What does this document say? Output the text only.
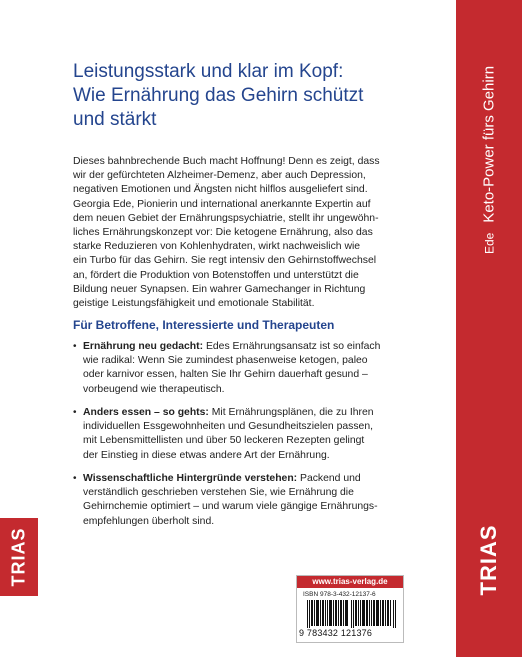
EdeKeto-Power fürs Gehirn
TRIAS
TRIAS
Leistungsstark und klar im Kopf:
Wie Ernährung das Gehirn schützt
und stärkt
Dieses bahnbrechende Buch macht Hoffnung! Denn es zeigt, dass
wir der gefürchteten Alzheimer-Demenz, aber auch Depression,
negativen Emotionen und Ängsten nicht hilflos ausgeliefert sind.
Georgia Ede, Pionierin und international anerkannte Expertin auf
dem neuen Gebiet der Ernährungspsychiatrie, stellt ihr ungewöhn-
liches Ernährungskonzept vor: Die ketogene Ernährung, also das
starke Reduzieren von Kohlenhydraten, wirkt nachweislich wie
ein Turbo für das Gehirn. Sie regt intensiv den Gehirnstoffwechsel
an, fördert die Produktion von Botenstoffen und unterstützt die
Bildung neuer Synapsen. Ein wahrer Gamechanger in Richtung
geistige Leistungsfähigkeit und emotionale Stabilität.
Für Betroffene, Interessierte und Therapeuten
• Ernährung neu gedacht: Edes Ernährungsansatz ist so einfach
wie radikal: Wenn Sie zumindest phasenweise ketogen, paleo
oder karnivor essen, halten Sie Ihr Gehirn dauerhaft gesund –
vorbeugend wie therapeutisch.
• Anders essen – so gehts: Mit Ernährungsplänen, die zu Ihren
individuellen Essgewohnheiten und Gesundheitszielen passen,
mit Lebensmittellisten und über 50 leckeren Rezepten gelingt
der Einstieg in diese etwas andere Art der Ernährung.
• Wissenschaftliche Hintergründe verstehen: Packend und
verständlich geschrieben verstehen Sie, wie Ernährung die
Gehirnchemie optimiert – und warum viele gängige Ernährungs-
empfehlungen überholt sind.
www.trias-verlag.de
ISBN 978-3-432-12137-6
9 783432 121376
